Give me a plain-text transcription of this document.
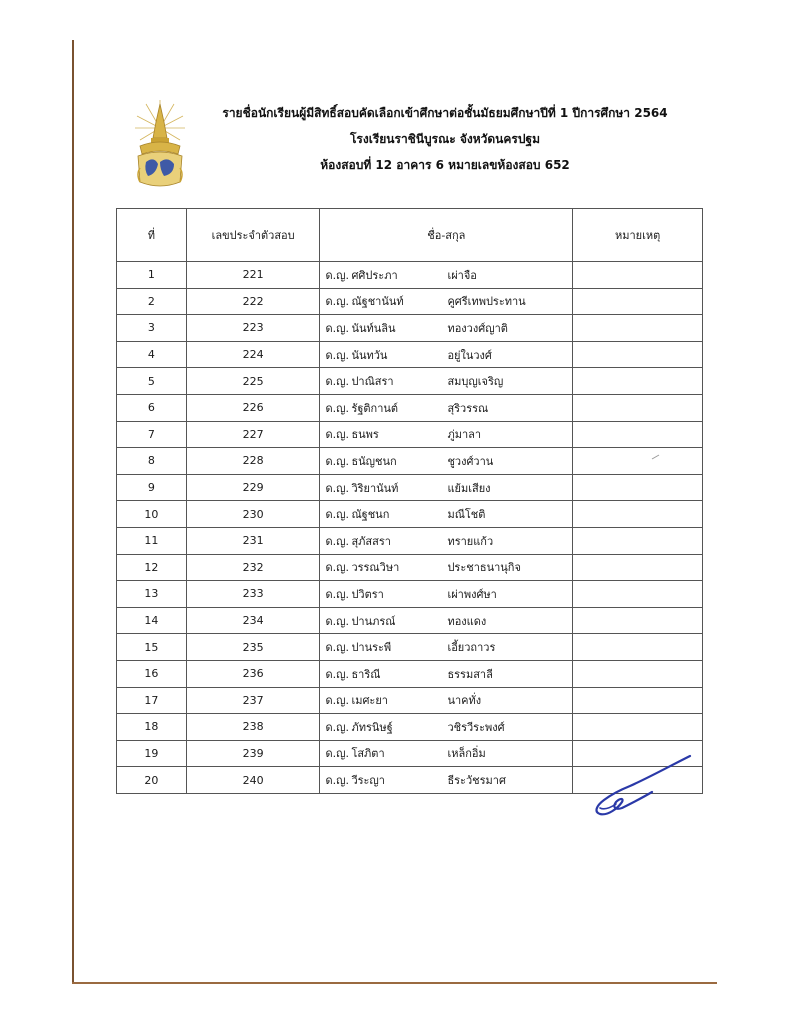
รายชื่อนักเรียนผู้มีสิทธิ์สอบคัดเลือกเข้าศึกษาต่อชั้นมัธยมศึกษาปีที่ 1 ปีการศึกษา 2564
โรงเรียนราชินีบูรณะ จังหวัดนครปฐม
ห้องสอบที่ 12 อาคาร 6 หมายเลขห้องสอบ 652
ที่	เลขประจำตัวสอบ	ชื่อ-สกุล	หมายเหตุ
1	221	ด.ญ. ศศิประภา เผ่าจือ	
2	222	ด.ญ. ณัฐชานันท์ คูศรีเทพประทาน	
3	223	ด.ญ. นันท์นลิน ทองวงศ์ญาติ	
4	224	ด.ญ. นันทวัน อยู่ในวงศ์	
5	225	ด.ญ. ปาณิสรา สมบุญเจริญ	
6	226	ด.ญ. รัฐติกานต์ สุริวรรณ	
7	227	ด.ญ. ธนพร ภู่มาลา	
8	228	ด.ญ. ธนัญชนก ชูวงศ์วาน	
9	229	ด.ญ. วิริยานันท์ แย้มเสียง	
10	230	ด.ญ. ณัฐชนก มณีโชติ	
11	231	ด.ญ. สุภัสสรา ทรายแก้ว	
12	232	ด.ญ. วรรณวิษา ประชาธนานุกิจ	
13	233	ด.ญ. ปวิตรา เผ่าพงศ์ษา	
14	234	ด.ญ. ปานภรณ์ ทองแดง	
15	235	ด.ญ. ปานระพี เอี้ยวถาวร	
16	236	ด.ญ. ธาริณี ธรรมสาลี	
17	237	ด.ญ. เมศะยา นาคทั่ง	
18	238	ด.ญ. ภัทรนิษฐ์ วชิรวีระพงศ์	
19	239	ด.ญ. โสภิตา เหล็กอิ่ม	
20	240	ด.ญ. วีระญา ธีระวัชรมาศ	
